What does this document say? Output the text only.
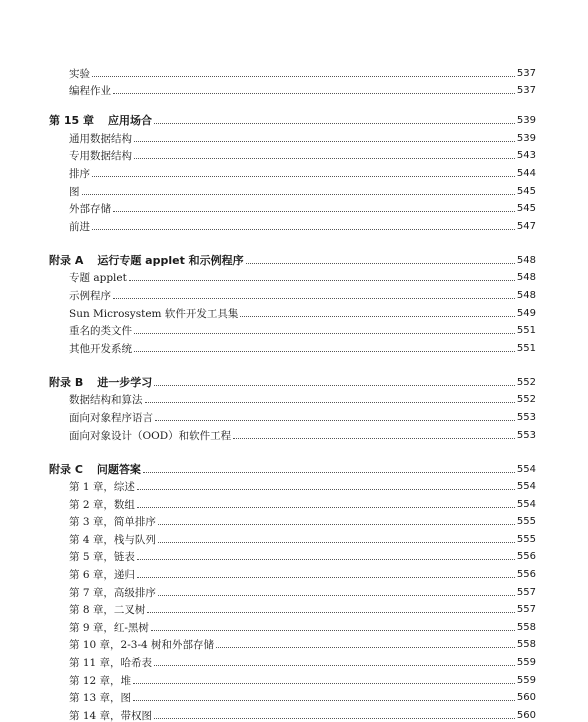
实验	537
编程作业	537
第 15 章 应用场合	539
通用数据结构	539
专用数据结构	543
排序	544
图	545
外部存储	545
前进	547
附录 A 运行专题 applet 和示例程序	548
专题 applet	548
示例程序	548
Sun Microsystem 软件开发工具集	549
重名的类文件	551
其他开发系统	551
附录 B 进一步学习	552
数据结构和算法	552
面向对象程序语言	553
面向对象设计（OOD）和软件工程	553
附录 C 问题答案	554
第 1 章，综述	554
第 2 章，数组	554
第 3 章，简单排序	555
第 4 章，栈与队列	555
第 5 章，链表	556
第 6 章，递归	556
第 7 章，高级排序	557
第 8 章，二叉树	557
第 9 章，红-黑树	558
第 10 章，2-3-4 树和外部存储	558
第 11 章，哈希表	559
第 12 章，堆	559
第 13 章，图	560
第 14 章，带权图	560
